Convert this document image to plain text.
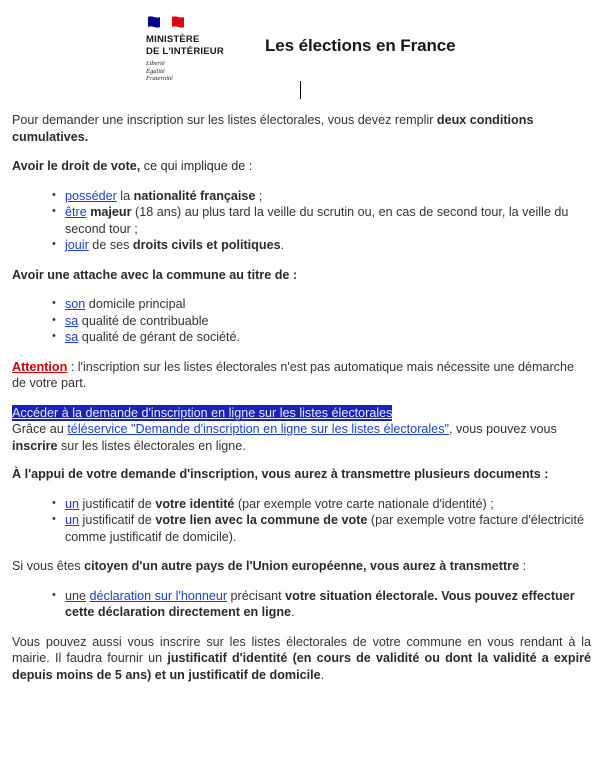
MINISTÈRE
DE L'INTÉRIEUR
Liberté
Égalité
Fraternité
Les élections en France

Pour demander une inscription sur les listes électorales, vous devez remplir deux conditions cumulatives.

Avoir le droit de vote, ce qui implique de :

• posséder la nationalité française ;
• être majeur (18 ans) au plus tard la veille du scrutin ou, en cas de second tour, la veille du second tour ;
• jouir de ses droits civils et politiques.

Avoir une attache avec la commune au titre de :

• son domicile principal
• sa qualité de contribuable
• sa qualité de gérant de société.

Attention : l'inscription sur les listes électorales n'est pas automatique mais nécessite une démarche de votre part.

Accéder à la demande d'inscription en ligne sur les listes électorales
Grâce au téléservice "Demande d'inscription en ligne sur les listes électorales", vous pouvez vous inscrire sur les listes électorales en ligne.

À l'appui de votre demande d'inscription, vous aurez à transmettre plusieurs documents :

• un justificatif de votre identité (par exemple votre carte nationale d'identité) ;
• un justificatif de votre lien avec la commune de vote (par exemple votre facture d'électricité comme justificatif de domicile).

Si vous êtes citoyen d'un autre pays de l'Union européenne, vous aurez à transmettre :

• une déclaration sur l'honneur précisant votre situation électorale. Vous pouvez effectuer cette déclaration directement en ligne.

Vous pouvez aussi vous inscrire sur les listes électorales de votre commune en vous rendant à la mairie. Il faudra fournir un justificatif d'identité (en cours de validité ou dont la validité a expiré depuis moins de 5 ans) et un justificatif de domicile.
